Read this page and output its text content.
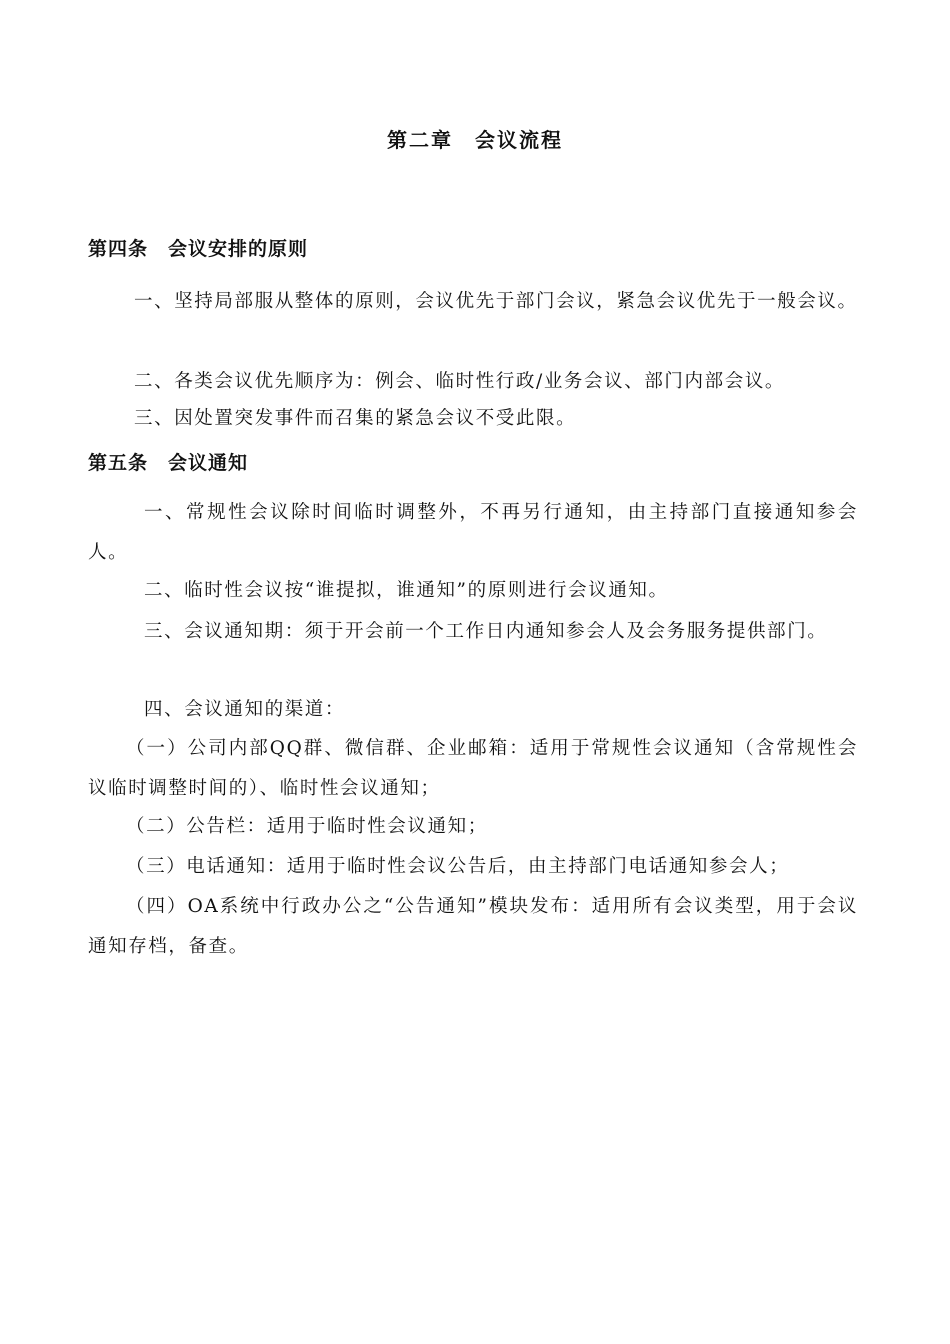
第二章　会议流程
第四条　会议安排的原则
一、坚持局部服从整体的原则，会议优先于部门会议，紧急会议优先于一般会议。
二、各类会议优先顺序为：例会、临时性行政/业务会议、部门内部会议。
三、因处置突发事件而召集的紧急会议不受此限。
第五条　会议通知
一、常规性会议除时间临时调整外，不再另行通知，由主持部门直接通知参会人。
二、临时性会议按“谁提拟，谁通知”的原则进行会议通知。
三、会议通知期：须于开会前一个工作日内通知参会人及会务服务提供部门。
四、会议通知的渠道：
（一）公司内部QQ群、微信群、企业邮箱：适用于常规性会议通知（含常规性会议临时调整时间的）、临时性会议通知；
（二）公告栏：适用于临时性会议通知；
（三）电话通知：适用于临时性会议公告后，由主持部门电话通知参会人；
（四）OA系统中行政办公之“公告通知”模块发布：适用所有会议类型，用于会议通知存档，备查。
